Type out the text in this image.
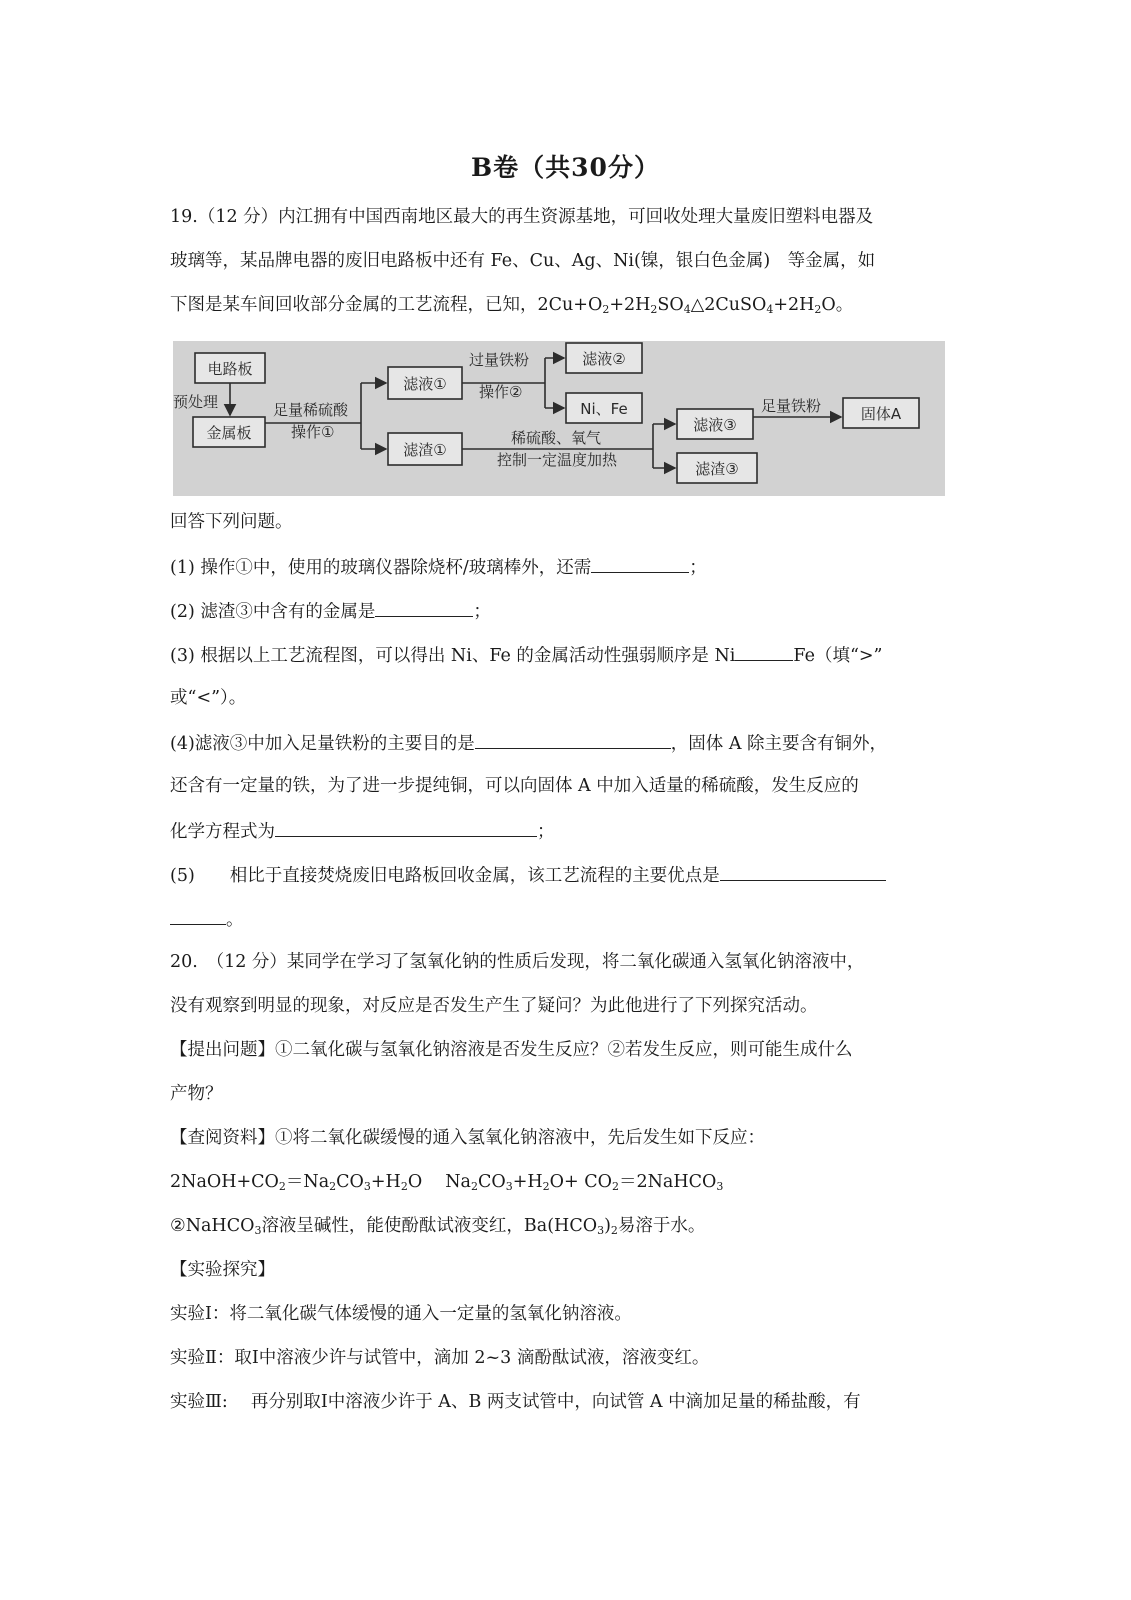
B卷（共30分）
19.（12 分）内江拥有中国西南地区最大的再生资源基地，可回收处理大量废旧塑料电器及
玻璃等，某品牌电器的废旧电路板中还有 Fe、Cu、Ag、Ni(镍，银白色金属)　等金属，如
下图是某车间回收部分金属的工艺流程，已知，$2Cu+O_2+2H_2SO_4\triangle 2CuSO_4+2H_2O$。
电路板
金属板
滤液①
滤渣①
滤液②
Ni、Fe
滤液③
滤渣③
固体A
预处理	足量稀硫酸
操作①
过量铁粉
操作②
稀硫酸、氧气
控制一定温度加热
足量铁粉
回答下列问题。
(1) 操作①中，使用的玻璃仪器除烧杯/玻璃棒外，还需	；
(2) 滤渣③中含有的金属是	；
(3) 根据以上工艺流程图，可以得出 Ni、Fe 的金属活动性强弱顺序是 Ni	Fe（填“>”
或“<”）。
(4)滤液③中加入足量铁粉的主要目的是	，固体 A 除主要含有铜外，
还含有一定量的铁，为了进一步提纯铜，可以向固体 A 中加入适量的稀硫酸，发生反应的
化学方程式为	；
(5)　　相比于直接焚烧废旧电路板回收金属，该工艺流程的主要优点是
。
20.　（12 分）某同学在学习了氢氧化钠的性质后发现，将二氧化碳通入氢氧化钠溶液中，
没有观察到明显的现象，对反应是否发生产生了疑问？为此他进行了下列探究活动。
【提出问题】①二氧化碳与氢氧化钠溶液是否发生反应？②若发生反应，则可能生成什么
产物？
【查阅资料】①将二氧化碳缓慢的通入氢氧化钠溶液中，先后发生如下反应：
$2NaOH+CO_2=Na_2CO_3+H_2O$　 $Na_2CO_3+H_2O+$ $CO_2=2NaHCO_3$
②NaHCO$_3$溶液呈碱性，能使酚酞试液变红，$Ba(HCO_3)_2$易溶于水。
【实验探究】
实验Ⅰ：将二氧化碳气体缓慢的通入一定量的氢氧化钠溶液。
实验Ⅱ：取Ⅰ中溶液少许与试管中，滴加 2~3 滴酚酞试液，溶液变红。
实验Ⅲ:　 再分别取Ⅰ中溶液少许于 A、B 两支试管中，向试管 A 中滴加足量的稀盐酸，有
